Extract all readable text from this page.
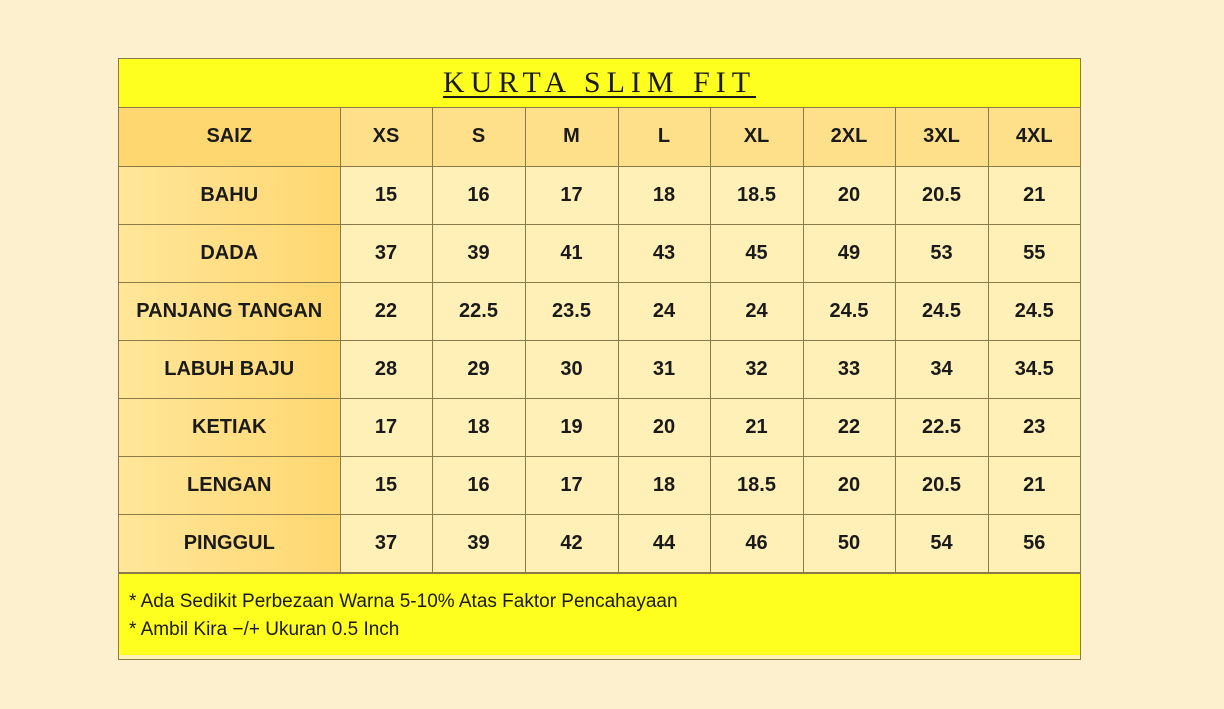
KURTA SLIM FIT
SAIZ	XS	S	M	L	XL	2XL	3XL	4XL
BAHU	15	16	17	18	18.5	20	20.5	21
DADA	37	39	41	43	45	49	53	55
PANJANG TANGAN	22	22.5	23.5	24	24	24.5	24.5	24.5
LABUH BAJU	28	29	30	31	32	33	34	34.5
KETIAK	17	18	19	20	21	22	22.5	23
LENGAN	15	16	17	18	18.5	20	20.5	21
PINGGUL	37	39	42	44	46	50	54	56
* Ada Sedikit Perbezaan Warna 5-10% Atas Faktor Pencahayaan
* Ambil Kira −/+ Ukuran 0.5 Inch
